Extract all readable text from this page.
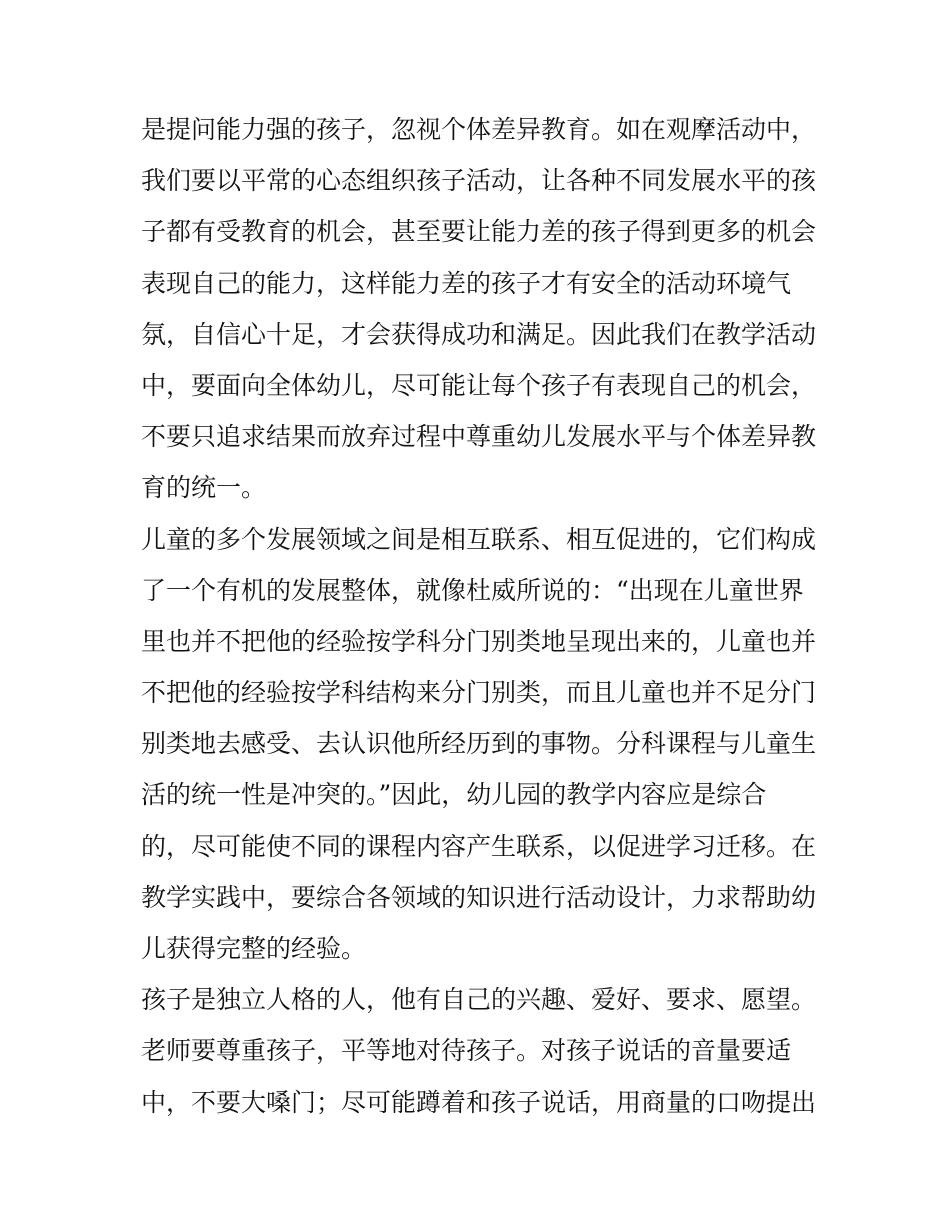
是提问能力强的孩子，忽视个体差异教育。如在观摩活动中，
我们要以平常的心态组织孩子活动，让各种不同发展水平的孩
子都有受教育的机会，甚至要让能力差的孩子得到更多的机会
表现自己的能力，这样能力差的孩子才有安全的活动环境气
氛，自信心十足，才会获得成功和满足。因此我们在教学活动
中，要面向全体幼儿，尽可能让每个孩子有表现自己的机会，
不要只追求结果而放弃过程中尊重幼儿发展水平与个体差异教
育的统一。
儿童的多个发展领域之间是相互联系、相互促进的，它们构成
了一个有机的发展整体，就像杜威所说的：“出现在儿童世界
里也并不把他的经验按学科分门别类地呈现出来的，儿童也并
不把他的经验按学科结构来分门别类，而且儿童也并不足分门
别类地去感受、去认识他所经历到的事物。分科课程与儿童生
活的统一性是冲突的。”因此，幼儿园的教学内容应是综合
的，尽可能使不同的课程内容产生联系，以促进学习迁移。在
教学实践中，要综合各领域的知识进行活动设计，力求帮助幼
儿获得完整的经验。
孩子是独立人格的人，他有自己的兴趣、爱好、要求、愿望。
老师要尊重孩子，平等地对待孩子。对孩子说话的音量要适
中，不要大嗓门；尽可能蹲着和孩子说话，用商量的口吻提出
